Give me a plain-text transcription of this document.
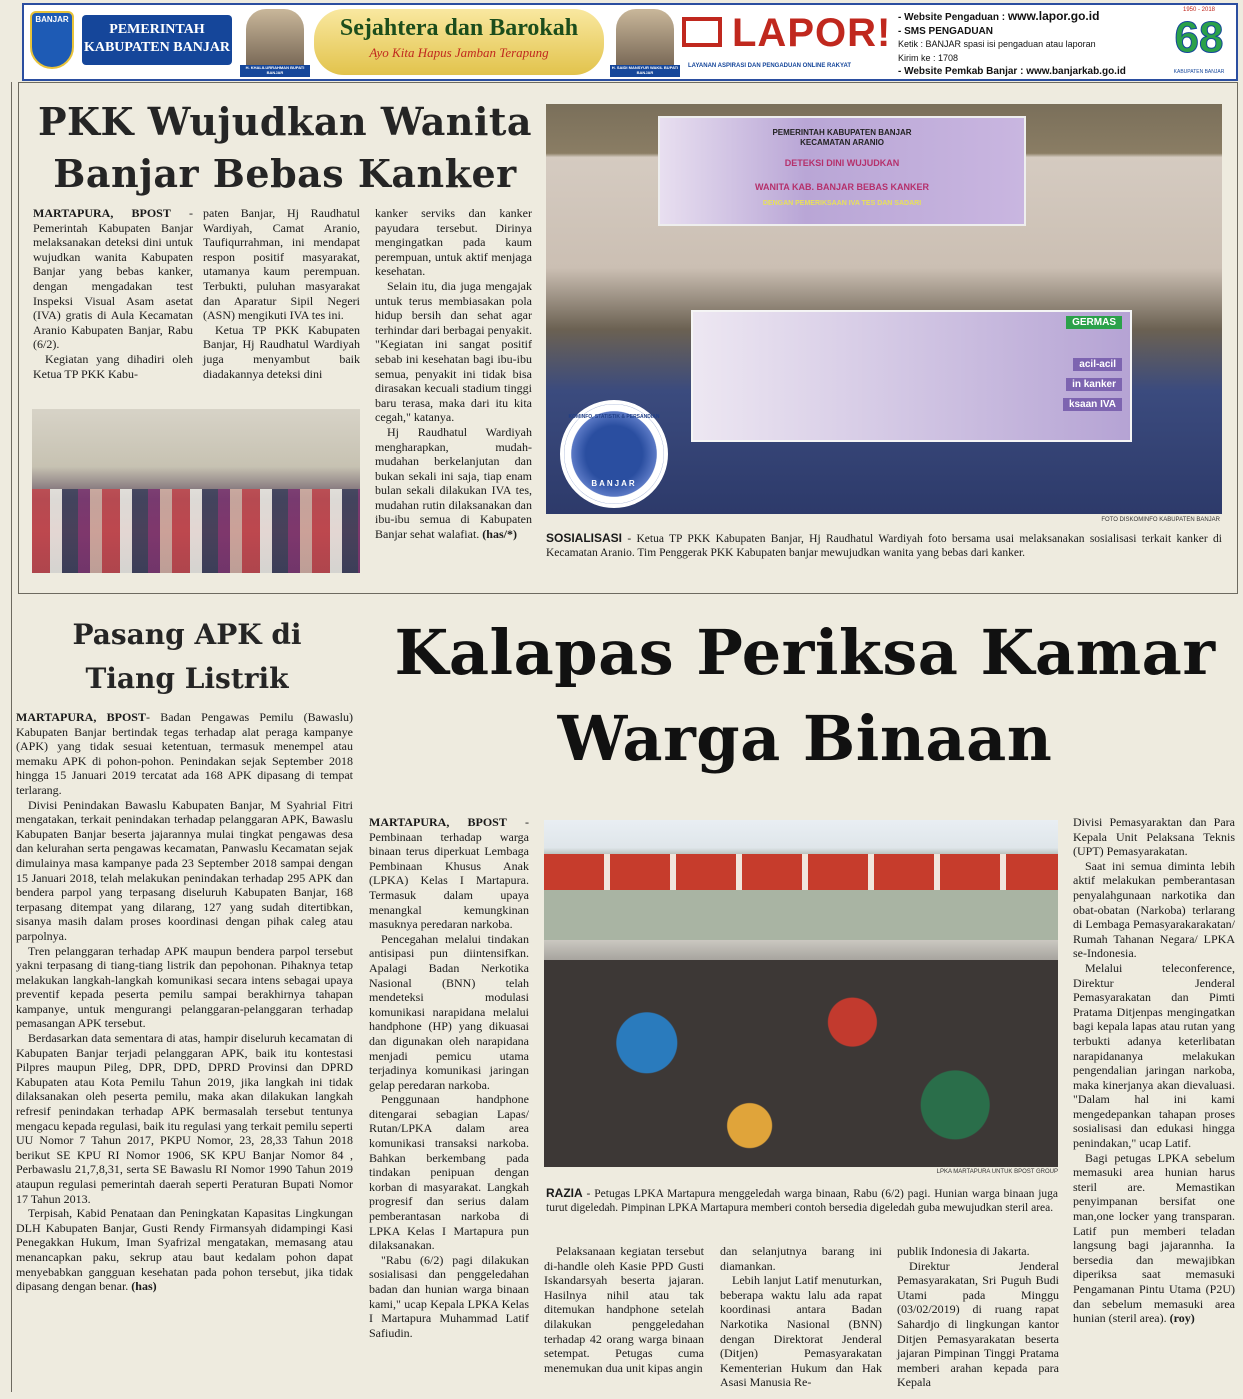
BANJAR
PEMERINTAH
KABUPATEN BANJAR
H. KHALILURRAHMAN BUPATI BANJAR
Sejahtera dan Barokah
Ayo Kita Hapus Jamban Terapung
H. SAIDI MANSYUR WAKIL BUPATI BANJAR
LAPOR!
LAYANAN ASPIRASI DAN PENGADUAN ONLINE RAKYAT
- Website Pengaduan : www.lapor.go.id
- SMS PENGADUAN
Ketik : BANJAR spasi isi pengaduan atau laporan
Kirim ke : 1708
- Website Pemkab Banjar : www.banjarkab.go.id
1950 - 2018
68
KABUPATEN BANJAR
PKK Wujudkan Wanita
Banjar Bebas Kanker

MARTAPURA, BPOST - Pemerintah Kabupaten Banjar melaksanakan deteksi dini untuk wujudkan wanita Kabupaten Banjar yang bebas kanker, dengan mengadakan test Inspeksi Visual Asam asetat (IVA) gratis di Aula Kecamatan Aranio Kabupaten Banjar, Rabu (6/2).

Kegiatan yang dihadiri oleh Ketua TP PKK Kabu-

paten Banjar, Hj Raudhatul Wardiyah, Camat Aranio, Taufiqurrahman, ini mendapat respon positif masyarakat, utamanya kaum perempuan. Terbukti, puluhan masyarakat dan Aparatur Sipil Negeri (ASN) mengikuti IVA tes ini.

Ketua TP PKK Kabupaten Banjar, Hj Raudhatul Wardiyah juga menyambut baik diadakannya deteksi dini

kanker serviks dan kanker payudara tersebut. Dirinya mengingatkan pada kaum perempuan, untuk aktif menjaga kesehatan.

Selain itu, dia juga mengajak untuk terus membiasakan pola hidup bersih dan sehat agar terhindar dari berbagai penyakit. "Kegiatan ini sangat positif sebab ini kesehatan bagi ibu-ibu semua, penyakit ini tidak bisa dirasakan kecuali stadium tinggi baru terasa, maka dari itu kita cegah," katanya.

Hj Raudhatul Wardiyah mengharapkan, mudah-mudahan berkelanjutan dan bukan sekali ini saja, tiap enam bulan sekali dilakukan IVA tes, mudahan rutin dilaksanakan dan ibu-ibu semua di Kabupaten Banjar sehat walafiat. (has/*)

PEMERINTAH KABUPATEN BANJAR
KECAMATAN ARANIO
DETEKSI DINI WUJUDKAN
WANITA KAB. BANJAR BEBAS KANKER
DENGAN PEMERIKSAAN IVA TES DAN SADARI
GERMAS
acil-acil
in kanker
ksaan IVA
KOMINFO, STATISTIK & PERSANDIAN
BANJAR
FOTO DISKOMINFO KABUPATEN BANJAR
SOSIALISASI - Ketua TP PKK Kabupaten Banjar, Hj Raudhatul Wardiyah foto bersama usai melaksanakan sosialisasi terkait kanker di Kecamatan Aranio. Tim Penggerak PKK Kabupaten banjar mewujudkan wanita yang bebas dari kanker.
Pasang APK di
Tiang Listrik

MARTAPURA, BPOST- Badan Pengawas Pemilu (Bawaslu) Kabupaten Banjar bertindak tegas terhadap alat peraga kampanye (APK) yang tidak sesuai ketentuan, termasuk menempel atau memaku APK di pohon-pohon. Penindakan sejak September 2018 hingga 15 Januari 2019 tercatat ada 168 APK dipasang di tempat terlarang.

Divisi Penindakan Bawaslu Kabupaten Banjar, M Syahrial Fitri mengatakan, terkait penindakan terhadap pelanggaran APK, Bawaslu Kabupaten Banjar beserta jajarannya mulai tingkat pengawas desa dan kelurahan serta pengawas kecamatan, Panwaslu Kecamatan sejak dimulainya masa kampanye pada 23 September 2018 sampai dengan 15 Januari 2018, telah melakukan penindakan terhadap 295 APK dan bendera parpol yang terpasang diseluruh Kabupaten Banjar, 168 terpasang ditempat yang dilarang, 127 yang sudah ditertibkan, sisanya masih dalam proses koordinasi dengan pihak caleg atau parpolnya.

Tren pelanggaran terhadap APK maupun bendera parpol tersebut yakni terpasang di tiang-tiang listrik dan pepohonan. Pihaknya tetap melakukan langkah-langkah komunikasi secara intens sebagai upaya preventif kepada peserta pemilu sampai berakhirnya tahapan kampanye, untuk mengurangi pelanggaran-pelanggaran terhadap pemasangan APK tersebut.

Berdasarkan data sementara di atas, hampir diseluruh kecamatan di Kabupaten Banjar terjadi pelanggaran APK, baik itu kontestasi Pilpres maupun Pileg, DPR, DPD, DPRD Provinsi dan DPRD Kabupaten atau Kota Pemilu Tahun 2019, jika langkah ini tidak dilaksanakan oleh peserta pemilu, maka akan dilakukan langkah refresif penindakan terhadap APK bermasalah tersebut tentunya mengacu kepada regulasi, baik itu regulasi yang terkait pemilu seperti UU Nomor 7 Tahun 2017, PKPU Nomor, 23, 28,33 Tahun 2018 berikut SE KPU RI Nomor 1906, SK KPU Banjar Nomor 84 , Perbawaslu 21,7,8,31, serta SE Bawaslu RI Nomor 1990 Tahun 2019 ataupun regulasi pemerintah daerah seperti Peraturan Bupati Nomor 17 Tahun 2013.

Terpisah, Kabid Penataan dan Peningkatan Kapasitas Lingkungan DLH Kabupaten Banjar, Gusti Rendy Firmansyah didampingi Kasi Penegakkan Hukum, Iman Syafrizal mengatakan, memasang atau menancapkan paku, sekrup atau baut kedalam pohon dapat menyebabkan gangguan kesehatan pada pohon tersebut, jika tidak dipasang dengan benar. (has)

Kalapas Periksa Kamar
Warga Binaan

MARTAPURA, BPOST - Pembinaan terhadap warga binaan terus diperkuat Lembaga Pembinaan Khusus Anak (LPKA) Kelas I Martapura. Termasuk dalam upaya menangkal kemungkinan masuknya peredaran narkoba.

Pencegahan melalui tindakan antisipasi pun diintensifkan. Apalagi Badan Nerkotika Nasional (BNN) telah mendeteksi modulasi komunikasi narapidana melalui handphone (HP) yang dikuasai dan digunakan oleh narapidana menjadi pemicu utama terjadinya komunikasi jaringan gelap peredaran narkoba.

Penggunaan handphone ditengarai sebagian Lapas/ Rutan/LPKA dalam area komunikasi transaksi narkoba. Bahkan berkembang pada tindakan penipuan dengan korban di masyarakat. Langkah progresif dan serius dalam pemberantasan narkoba di LPKA Kelas I Martapura pun dilaksanakan.

"Rabu (6/2) pagi dilakukan sosialisasi dan penggeledahan badan dan hunian warga binaan kami," ucap Kepala LPKA Kelas I Martapura Muhammad Latif Safiudin.

LPKA MARTAPURA UNTUK BPOST GROUP
RAZIA - Petugas LPKA Martapura menggeledah warga binaan, Rabu (6/2) pagi. Hunian warga binaan juga turut digeledah. Pimpinan LPKA Martapura memberi contoh bersedia digeledah guba mewujudkan steril area.

Pelaksanaan kegiatan tersebut di-handle oleh Kasie PPD Gusti Iskandarsyah beserta jajaran. Hasilnya nihil atau tak ditemukan handphone setelah dilakukan penggeledahan terhadap 42 orang warga binaan setempat. Petugas cuma menemukan dua unit kipas angin

dan selanjutnya barang ini diamankan.

Lebih lanjut Latif menuturkan, beberapa waktu lalu ada rapat koordinasi antara Badan Narkotika Nasional (BNN) dengan Direktorat Jenderal (Ditjen) Pemasyarakatan Kementerian Hukum dan Hak Asasi Manusia Re-

publik Indonesia di Jakarta.

Direktur Jenderal Pemasyarakatan, Sri Puguh Budi Utami pada Minggu (03/02/2019) di ruang rapat Sahardjo di lingkungan kantor Ditjen Pemasyarakatan beserta jajaran Pimpinan Tinggi Pratama memberi arahan kepada para Kepala

Divisi Pemasyaraktan dan Para Kepala Unit Pelaksana Teknis (UPT) Pemasyarakatan.

Saat ini semua diminta lebih aktif melakukan pemberantasan penyalahgunaan narkotika dan obat-obatan (Narkoba) terlarang di Lembaga Pemasyarakarakatan/ Rumah Tahanan Negara/ LPKA se-Indonesia.

Melalui teleconference, Direktur Jenderal Pemasyarakatan dan Pimti Pratama Ditjenpas mengingatkan bagi kepala lapas atau rutan yang terbukti adanya keterlibatan narapidananya melakukan pengendalian jaringan narkoba, maka kinerjanya akan dievaluasi. "Dalam hal ini kami mengedepankan tahapan proses sosialisasi dan edukasi hingga penindakan," ucap Latif.

Bagi petugas LPKA sebelum memasuki area hunian harus steril are. Memastikan penyimpanan bersifat one man,one locker yang transparan. Latif pun memberi teladan langsung bagi jajarannha. Ia bersedia dan mewajibkan diperiksa saat memasuki Pengamanan Pintu Utama (P2U) dan sebelum memasuki area hunian (steril area). (roy)
